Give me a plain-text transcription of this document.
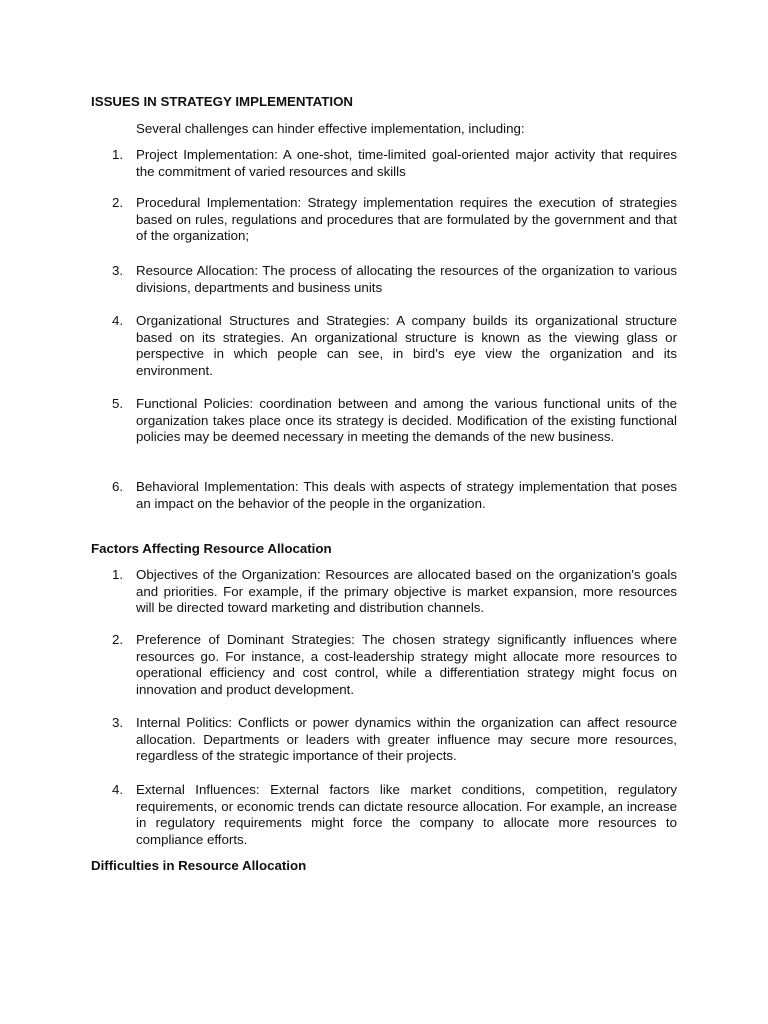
ISSUES IN STRATEGY IMPLEMENTATION

Several challenges can hinder effective implementation, including:

1. Project Implementation: A one-shot, time-limited goal-oriented major activity that requires the commitment of varied resources and skills
2. Procedural Implementation: Strategy implementation requires the execution of strategies based on rules, regulations and procedures that are formulated by the government and that of the organization;
3. Resource Allocation: The process of allocating the resources of the organization to various divisions, departments and business units
4. Organizational Structures and Strategies: A company builds its organizational structure based on its strategies. An organizational structure is known as the viewing glass or perspective in which people can see, in bird’s eye view the organization and its environment.
5. Functional Policies: coordination between and among the various functional units of the organization takes place once its strategy is decided. Modification of the existing functional policies may be deemed necessary in meeting the demands of the new business.
6. Behavioral Implementation: This deals with aspects of strategy implementation that poses an impact on the behavior of the people in the organization.
Factors Affecting Resource Allocation
1. Objectives of the Organization: Resources are allocated based on the organization's goals and priorities. For example, if the primary objective is market expansion, more resources will be directed toward marketing and distribution channels.
2. Preference of Dominant Strategies: The chosen strategy significantly influences where resources go. For instance, a cost-leadership strategy might allocate more resources to operational efficiency and cost control, while a differentiation strategy might focus on innovation and product development.
3. Internal Politics: Conflicts or power dynamics within the organization can affect resource allocation. Departments or leaders with greater influence may secure more resources, regardless of the strategic importance of their projects.
4. External Influences: External factors like market conditions, competition, regulatory requirements, or economic trends can dictate resource allocation. For example, an increase in regulatory requirements might force the company to allocate more resources to compliance efforts.
Difficulties in Resource Allocation
